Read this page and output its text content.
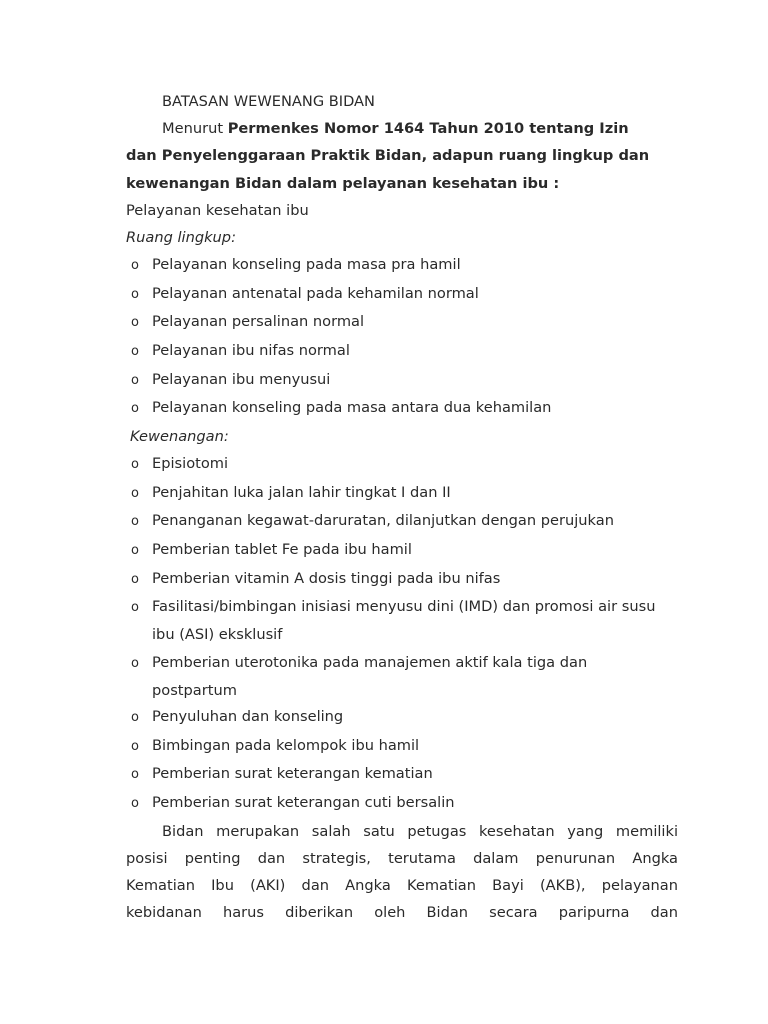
BATASAN WEWENANG BIDAN
Menurut Permenkes Nomor 1464 Tahun 2010 tentang Izin
dan Penyelenggaraan Praktik Bidan, adapun ruang lingkup dan
kewenangan Bidan dalam pelayanan kesehatan ibu :
Pelayanan kesehatan ibu
Ruang lingkup:
o Pelayanan konseling pada masa pra hamil
o Pelayanan antenatal pada kehamilan normal
o Pelayanan persalinan normal
o Pelayanan ibu nifas normal
o Pelayanan ibu menyusui
o Pelayanan konseling pada masa antara dua kehamilan
Kewenangan:
o Episiotomi
o Penjahitan luka jalan lahir tingkat I dan II
o Penanganan kegawat-daruratan, dilanjutkan dengan perujukan
o Pemberian tablet Fe pada ibu hamil
o Pemberian vitamin A dosis tinggi pada ibu nifas
o Fasilitasi/bimbingan inisiasi menyusu dini (IMD) dan promosi air susu
ibu (ASI) eksklusif
o Pemberian uterotonika pada manajemen aktif kala tiga dan
postpartum
o Penyuluhan dan konseling
o Bimbingan pada kelompok ibu hamil
o Pemberian surat keterangan kematian
o Pemberian surat keterangan cuti bersalin
Bidan merupakan salah satu petugas kesehatan yang memiliki
posisi penting dan strategis, terutama dalam penurunan Angka
Kematian Ibu (AKI) dan Angka Kematian Bayi (AKB), pelayanan
kebidanan harus diberikan oleh Bidan secara paripurna dan
